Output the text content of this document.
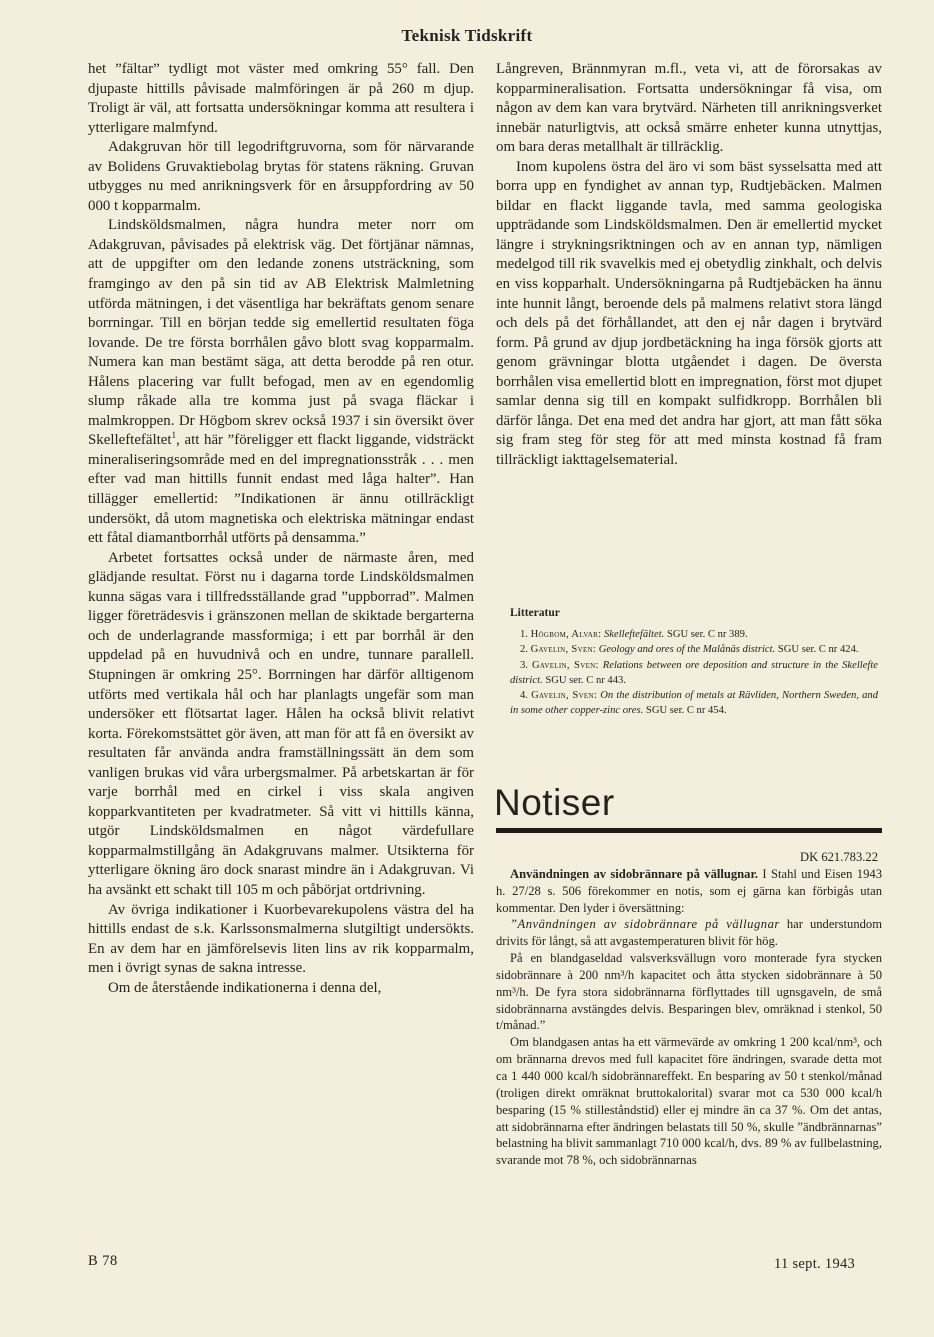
Teknisk Tidskrift

het ”fältar” tydligt mot väster med omkring 55° fall. Den djupaste hittills påvisade malmföringen är på 260 m djup. Troligt är väl, att fortsatta undersökningar komma att resultera i ytterligare malmfynd.

Adakgruvan hör till legodriftgruvorna, som för närvarande av Bolidens Gruvaktiebolag brytas för statens räkning. Gruvan utbygges nu med anrikningsverk för en årsuppfordring av 50 000 t kopparmalm.

Lindsköldsmalmen, några hundra meter norr om Adakgruvan, påvisades på elektrisk väg. Det förtjänar nämnas, att de uppgifter om den ledande zonens utsträckning, som framgingo av den på sin tid av AB Elektrisk Malmletning utförda mätningen, i det väsentliga har bekräftats genom senare borrningar. Till en början tedde sig emellertid resultaten föga lovande. De tre första borrhålen gåvo blott svag kopparmalm. Numera kan man bestämt säga, att detta berodde på ren otur. Hålens placering var fullt befogad, men av en egendomlig slump råkade alla tre komma just på svaga fläckar i malmkroppen. Dr Högbom skrev också 1937 i sin översikt över Skelleftefältet$^1$, att här ”föreligger ett flackt liggande, vidsträckt mineraliseringsområde med en del impregnationsstråk . . . men efter vad man hittills funnit endast med låga halter”. Han tillägger emellertid: ”Indikationen är ännu otillräckligt undersökt, då utom magnetiska och elektriska mätningar endast ett fåtal diamantborrhål utförts på densamma.”

Arbetet fortsattes också under de närmaste åren, med glädjande resultat. Först nu i dagarna torde Lindsköldsmalmen kunna sägas vara i tillfredsställande grad ”uppborrad”. Malmen ligger företrädesvis i gränszonen mellan de skiktade bergarterna och de underlagrande massformiga; i ett par borrhål är den uppdelad på en huvudnivå och en undre, tunnare parallell. Stupningen är omkring 25°. Borrningen har därför alltigenom utförts med vertikala hål och har planlagts ungefär som man undersöker ett flötsartat lager. Hålen ha också blivit relativt korta. Förekomstsättet gör även, att man för att få en översikt av resultaten får använda andra framställningssätt än dem som vanligen brukas vid våra urbergsmalmer. På arbetskartan är för varje borrhål med en cirkel i viss skala angiven kopparkvantiteten per kvadratmeter. Så vitt vi hittills känna, utgör Lindsköldsmalmen en något värdefullare kopparmalmstillgång än Adakgruvans malmer. Utsikterna för ytterligare ökning äro dock snarast mindre än i Adakgruvan. Vi ha avsänkt ett schakt till 105 m och påbörjat ortdrivning.

Av övriga indikationer i Kuorbevarekupolens västra del ha hittills endast de s.k. Karlssonsmalmerna slutgiltigt undersökts. En av dem har en jämförelsevis liten lins av rik kopparmalm, men i övrigt synas de sakna intresse.

Om de återstående indikationerna i denna del,

Långreven, Brännmyran m.fl., veta vi, att de förorsakas av kopparmineralisation. Fortsatta undersökningar få visa, om någon av dem kan vara brytvärd. Närheten till anrikningsverket innebär naturligtvis, att också smärre enheter kunna utnyttjas, om bara deras metallhalt är tillräcklig.

Inom kupolens östra del äro vi som bäst sysselsatta med att borra upp en fyndighet av annan typ, Rudtjebäcken. Malmen bildar en flackt liggande tavla, med samma geologiska uppträdande som Lindsköldsmalmen. Den är emellertid mycket längre i strykningsriktningen och av en annan typ, nämligen medelgod till rik svavelkis med ej obetydlig zinkhalt, och delvis en viss kopparhalt. Undersökningarna på Rudtjebäcken ha ännu inte hunnit långt, beroende dels på malmens relativt stora längd och dels på det förhållandet, att den ej når dagen i brytvärd form. På grund av djup jordbetäckning ha inga försök gjorts att genom grävningar blotta utgåendet i dagen. De översta borrhålen visa emellertid blott en impregnation, först mot djupet samlar denna sig till en kompakt sulfidkropp. Borrhålen bli därför långa. Det ena med det andra har gjort, att man fått söka sig fram steg för steg för att med minsta kostnad få fram tillräckligt iakttagelsematerial.

Litteratur
1. Högbom, Alvar: Skelleftefältet. SGU ser. C nr 389.
2. Gavelin, Sven: Geology and ores of the Malånäs district. SGU ser. C nr 424.
3. Gavelin, Sven: Relations between ore deposition and structure in the Skellefte district. SGU ser. C nr 443.
4. Gavelin, Sven: On the distribution of metals at Rävliden, Northern Sweden, and in some other copper-zinc ores. SGU ser. C nr 454.
Notiser

DK 621.783.22

Användningen av sidobrännare på vällugnar. I Stahl und Eisen 1943 h. 27/28 s. 506 förekommer en notis, som ej gärna kan förbigås utan kommentar. Den lyder i översättning:

”Användningen av sidobrännare på vällugnar har understundom drivits för långt, så att avgastemperaturen blivit för hög.

På en blandgaseldad valsverksvällugn voro monterade fyra stycken sidobrännare à 200 nm³/h kapacitet och åtta stycken sidobrännare à 50 nm³/h. De fyra stora sidobrännarna förflyttades till ugnsgaveln, de små sidobrännarna avstängdes delvis. Besparingen blev, omräknad i stenkol, 50 t/månad.”

Om blandgasen antas ha ett värmevärde av omkring 1 200 kcal/nm³, och om brännarna drevos med full kapacitet före ändringen, svarade detta mot ca 1 440 000 kcal/h sidobrännareffekt. En besparing av 50 t stenkol/månad (troligen direkt omräknat bruttokalorital) svarar mot ca 530 000 kcal/h besparing (15 % stilleståndstid) eller ej mindre än ca 37 %. Om det antas, att sidobrännarna efter ändringen belastats till 50 %, skulle ”ändbrännarnas” belastning ha blivit sammanlagt 710 000 kcal/h, dvs. 89 % av fullbelastning, svarande mot 78 %, och sidobrännarnas

B 78	11 sept. 1943
